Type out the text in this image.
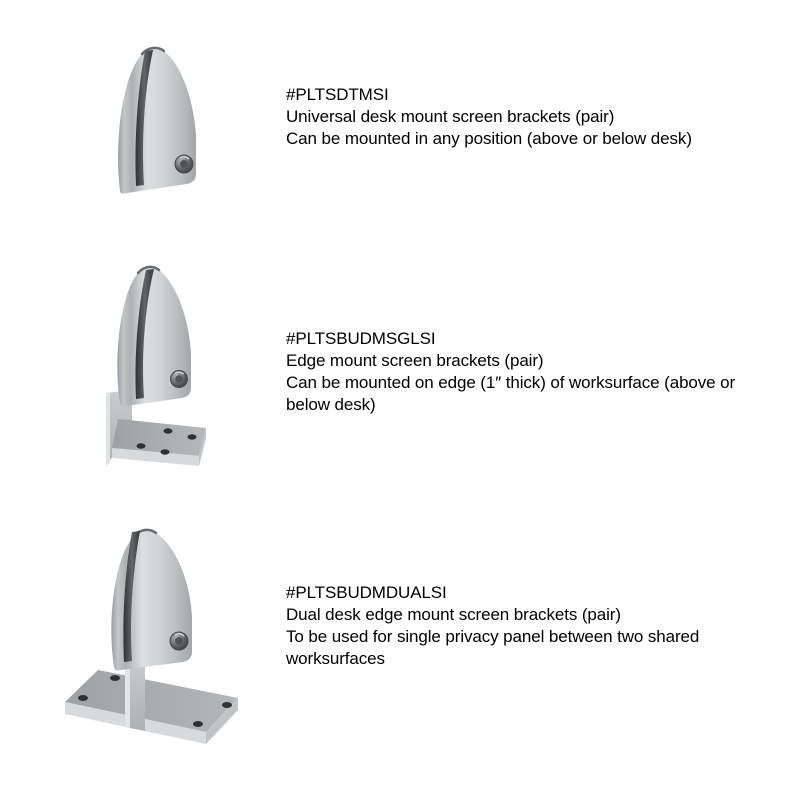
#PLTSDTMSI
Universal desk mount screen brackets (pair)
Can be mounted in any position (above or below desk)
#PLTSBUDMSGLSI
Edge mount screen brackets (pair)
Can be mounted on edge (1″ thick) of worksurface (above or below desk)
#PLTSBUDMDUALSI
Dual desk edge mount screen brackets (pair)
To be used for single privacy panel between two shared worksurfaces
